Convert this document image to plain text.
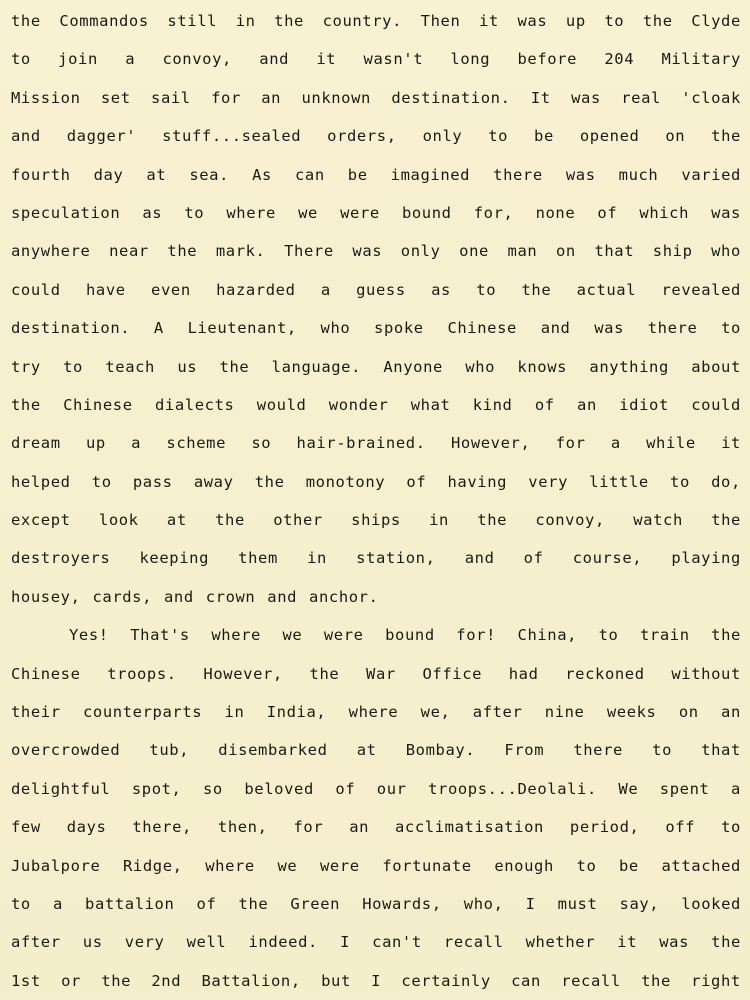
the Commandos still in the country. Then it was up to the Clyde
to join a convoy, and it wasn't long before 204 Military
Mission set sail for an unknown destination. It was real 'cloak
and dagger' stuff...sealed orders, only to be opened on the
fourth day at sea. As can be imagined there was much varied
speculation as to where we were bound for, none of which was
anywhere near the mark. There was only one man on that ship who
could have even hazarded a guess as to the actual revealed
destination. A Lieutenant, who spoke Chinese and was there to
try to teach us the language. Anyone who knows anything about
the Chinese dialects would wonder what kind of an idiot could
dream up a scheme so hair-brained. However, for a while it
helped to pass away the monotony of having very little to do,
except look at the other ships in the convoy, watch the
destroyers keeping them in station, and of course, playing
housey, cards, and crown and anchor.
Yes! That's where we were bound for! China, to train the
Chinese troops. However, the War Office had reckoned without
their counterparts in India, where we, after nine weeks on an
overcrowded tub, disembarked at Bombay. From there to that
delightful spot, so beloved of our troops...Deolali. We spent a
few days there, then, for an acclimatisation period, off to
Jubalpore Ridge, where we were fortunate enough to be attached
to a battalion of the Green Howards, who, I must say, looked
after us very well indeed. I can't recall whether it was the
1st or the 2nd Battalion, but I certainly can recall the right
